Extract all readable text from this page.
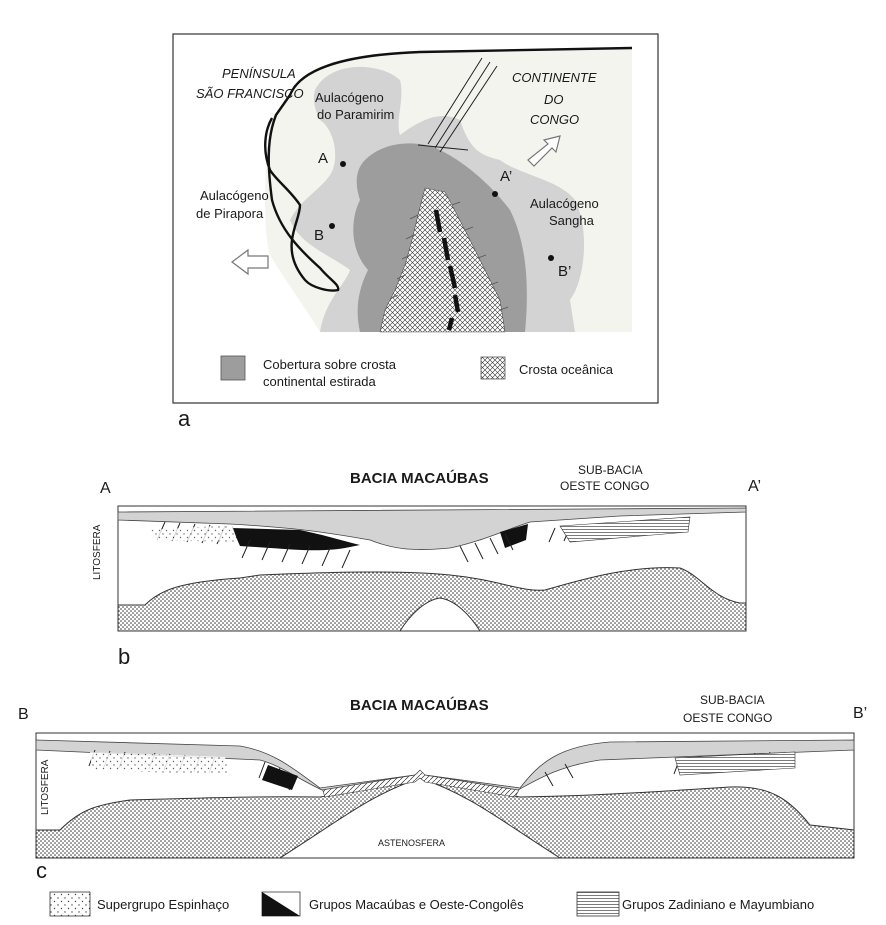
PENÍNSULA
SÃO FRANCISCO
CONTINENTE
DO
CONGO
Aulacógeno
do Paramirim
Aulacógeno
de Pirapora
Aulacógeno
Sangha
A
A’
B
B’
Cobertura sobre crosta
continental estirada
Crosta oceânica
a
BACIA MACAÚBAS	SUB-BACIA
OESTE CONGO
A	A’
LITOSFERA
b
BACIA MACAÚBAS	SUB-BACIA
OESTE CONGO
B	B’
LITOSFERA
ASTENOSFERA
c
Supergrupo Espinhaço	Grupos Macaúbas e Oeste-Congolês	Grupos Zadiniano e Mayumbiano
